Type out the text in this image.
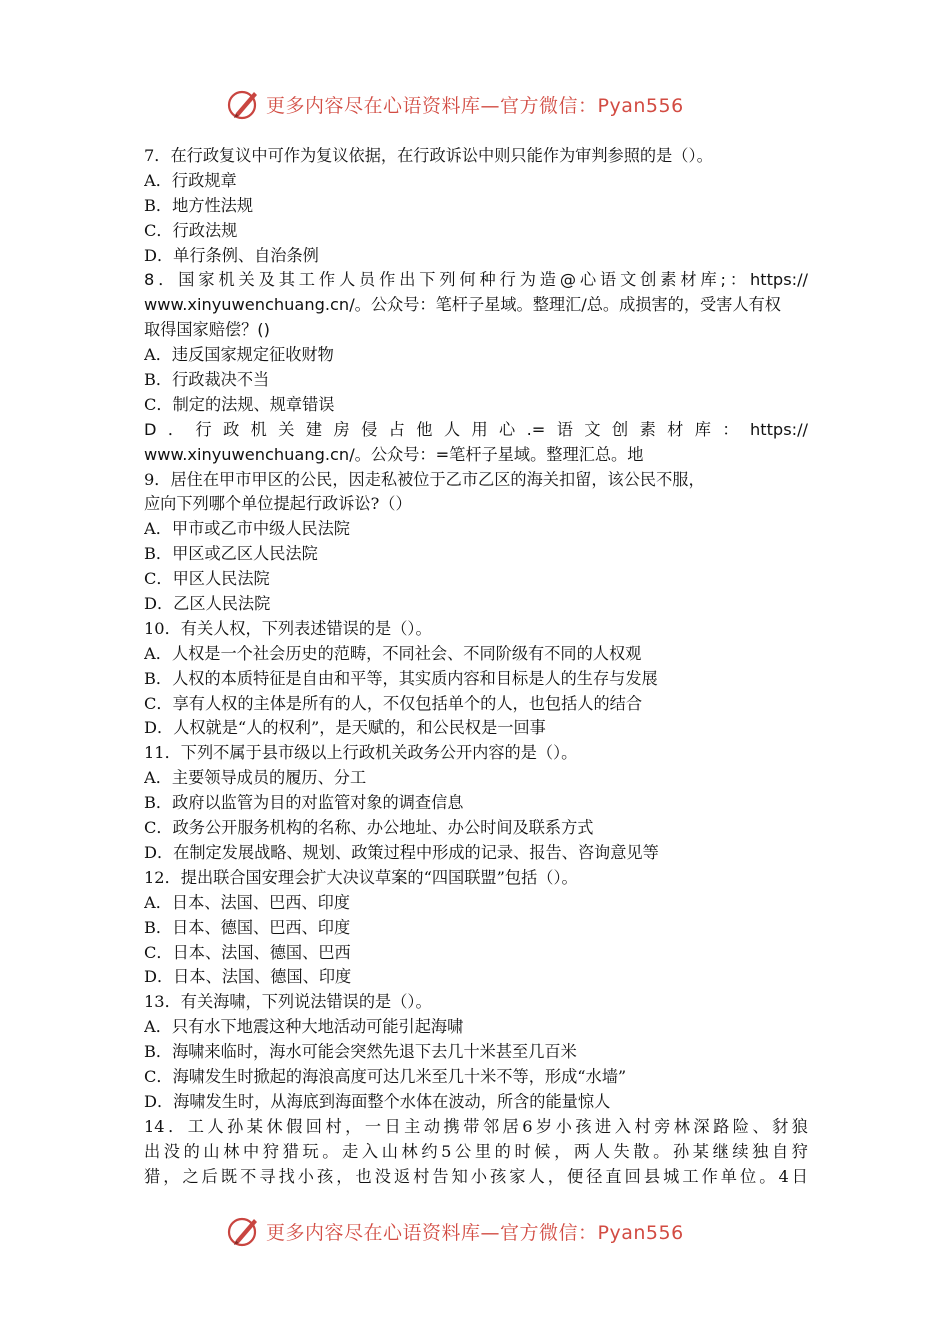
更多内容尽在心语资料库—官方微信：Pyan556
7．在行政复议中可作为复议依据，在行政诉讼中则只能作为审判参照的是（）。
A．行政规章
B．地方性法规
C．行政法规
D．单行条例、自治条例
8．国家机关及其工作人员作出下列何种行为造@心语文创素材库;：https://
www.xinyuwenchuang.cn/。公众号：笔杆子星域。整理汇/总。成损害的，受害人有权
取得国家赔偿？()
A．违反国家规定征收财物
B．行政裁决不当
C．制定的法规、规章错误
D．行政机关建房侵占他人用心.=语文创素材库：https://
www.xinyuwenchuang.cn/。公众号：=笔杆子星域。整理汇总。地
9．居住在甲市甲区的公民，因走私被位于乙市乙区的海关扣留，该公民不服，
应向下列哪个单位提起行政诉讼?（）
A．甲市或乙市中级人民法院
B．甲区或乙区人民法院
C．甲区人民法院
D．乙区人民法院
10．有关人权，下列表述错误的是（）。
A．人权是一个社会历史的范畴，不同社会、不同阶级有不同的人权观
B．人权的本质特征是自由和平等，其实质内容和目标是人的生存与发展
C．享有人权的主体是所有的人，不仅包括单个的人，也包括人的结合
D．人权就是“人的权利”，是天赋的，和公民权是一回事
11．下列不属于县市级以上行政机关政务公开内容的是（）。
A．主要领导成员的履历、分工
B．政府以监管为目的对监管对象的调查信息
C．政务公开服务机构的名称、办公地址、办公时间及联系方式
D．在制定发展战略、规划、政策过程中形成的记录、报告、咨询意见等
12．提出联合国安理会扩大决议草案的“四国联盟”包括（）。
A．日本、法国、巴西、印度
B．日本、德国、巴西、印度
C．日本、法国、德国、巴西
D．日本、法国、德国、印度
13．有关海啸，下列说法错误的是（）。
A．只有水下地震这种大地活动可能引起海啸
B．海啸来临时，海水可能会突然先退下去几十米甚至几百米
C．海啸发生时掀起的海浪高度可达几米至几十米不等，形成“水墙”
D．海啸发生时，从海底到海面整个水体在波动，所含的能量惊人
14．工人孙某休假回村，一日主动携带邻居6岁小孩进入村旁林深路险、豺狼
出没的山林中狩猎玩。走入山林约5公里的时候，两人失散。孙某继续独自狩
猎，之后既不寻找小孩，也没返村告知小孩家人，便径直回县城工作单位。4日
更多内容尽在心语资料库—官方微信：Pyan556
